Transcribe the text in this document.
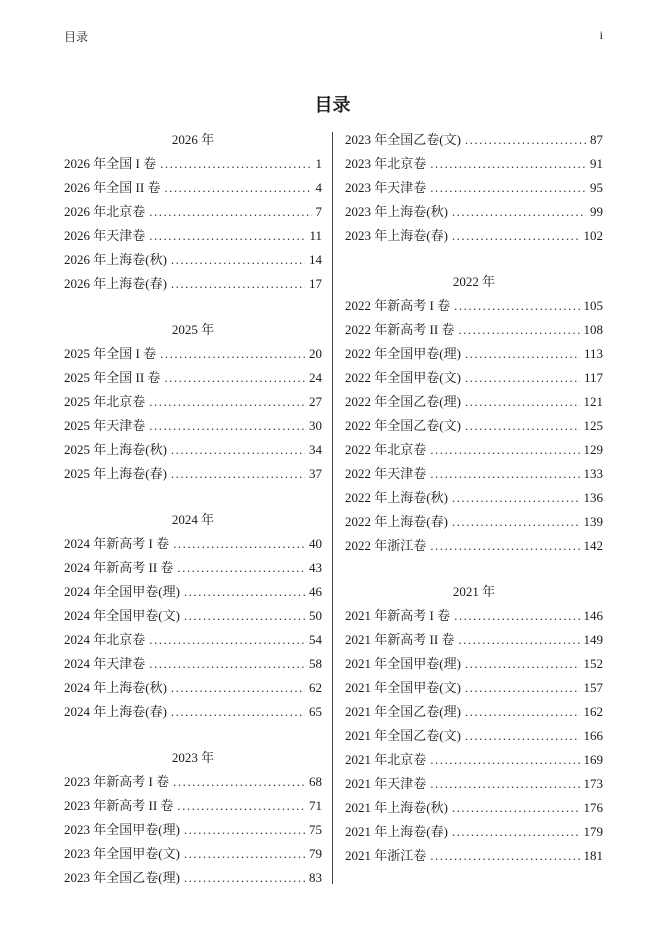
目录	i
目录
2026 年
2026 年全国 I 卷 .....	1
2026 年全国 II 卷 .....	4
2026 年北京卷 .....	7
2026 年天津卷 .....	11
2026 年上海卷(秋) .....	14
2026 年上海卷(春) .....	17
2025 年
2025 年全国 I 卷 .....	20
2025 年全国 II 卷 .....	24
2025 年北京卷 .....	27
2025 年天津卷 .....	30
2025 年上海卷(秋) .....	34
2025 年上海卷(春) .....	37
2024 年
2024 年新高考 I 卷 .....	40
2024 年新高考 II 卷 .....	43
2024 年全国甲卷(理) .....	46
2024 年全国甲卷(文) .....	50
2024 年北京卷 .....	54
2024 年天津卷 .....	58
2024 年上海卷(秋) .....	62
2024 年上海卷(春) .....	65
2023 年
2023 年新高考 I 卷 .....	68
2023 年新高考 II 卷 .....	71
2023 年全国甲卷(理) .....	75
2023 年全国甲卷(文) .....	79
2023 年全国乙卷(理) .....	83
2023 年全国乙卷(文) .....	87
2023 年北京卷 .....	91
2023 年天津卷 .....	95
2023 年上海卷(秋) .....	99
2023 年上海卷(春) .....	102
2022 年
2022 年新高考 I 卷 .....	105
2022 年新高考 II 卷 .....	108
2022 年全国甲卷(理) .....	113
2022 年全国甲卷(文) .....	117
2022 年全国乙卷(理) .....	121
2022 年全国乙卷(文) .....	125
2022 年北京卷 .....	129
2022 年天津卷 .....	133
2022 年上海卷(秋) .....	136
2022 年上海卷(春) .....	139
2022 年浙江卷 .....	142
2021 年
2021 年新高考 I 卷 .....	146
2021 年新高考 II 卷 .....	149
2021 年全国甲卷(理) .....	152
2021 年全国甲卷(文) .....	157
2021 年全国乙卷(理) .....	162
2021 年全国乙卷(文) .....	166
2021 年北京卷 .....	169
2021 年天津卷 .....	173
2021 年上海卷(秋) .....	176
2021 年上海卷(春) .....	179
2021 年浙江卷 .....	181
